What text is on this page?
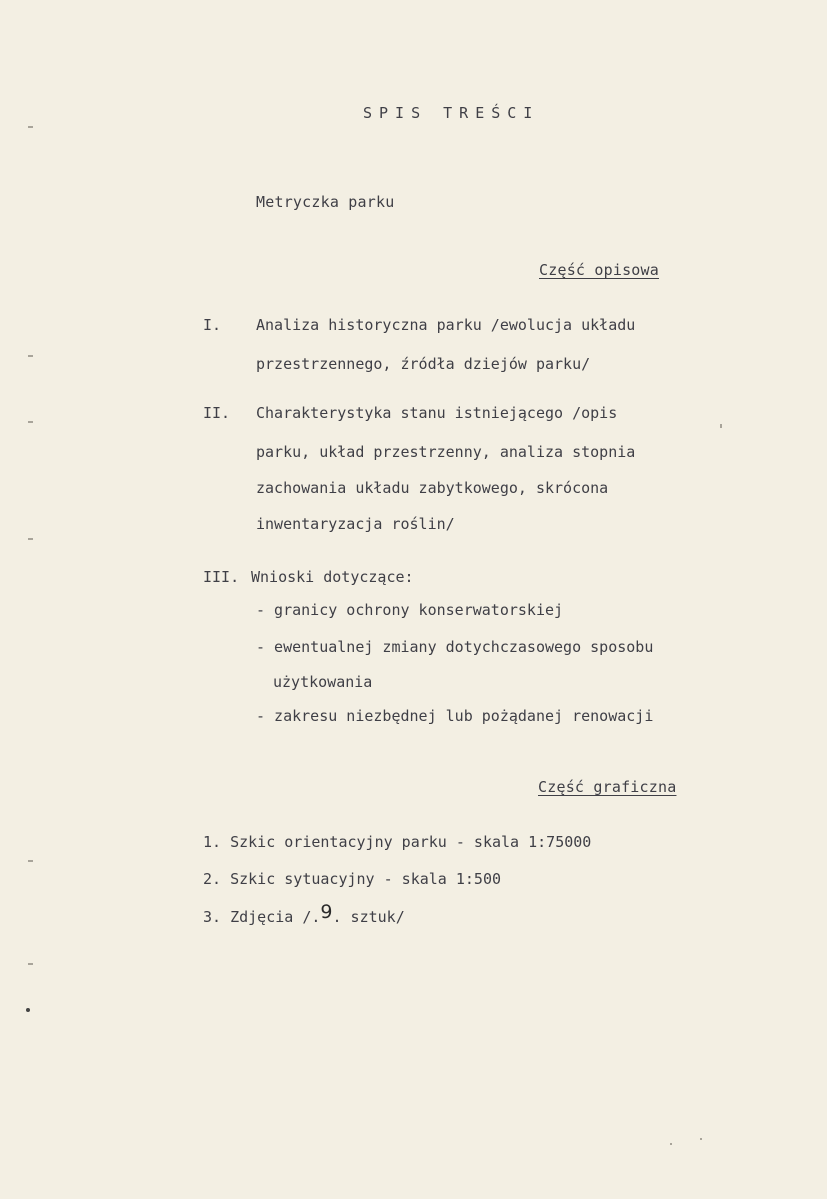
SPIS TREŚCI
Metryczka parku
Część opisowa
I. Analiza historyczna parku /ewolucja układu
przestrzennego, źródła dziejów parku/
II. Charakterystyka stanu istniejącego /opis
parku, układ przestrzenny, analiza stopnia
zachowania układu zabytkowego, skrócona
inwentaryzacja roślin/
III. Wnioski dotyczące:
- granicy ochrony konserwatorskiej
- ewentualnej zmiany dotychczasowego sposobu
użytkowania
- zakresu niezbędnej lub pożądanej renowacji
Część graficzna
1. Szkic orientacyjny parku - skala 1:75000
2. Szkic sytuacyjny - skala 1:500
3. Zdjęcia /.9. sztuk/
